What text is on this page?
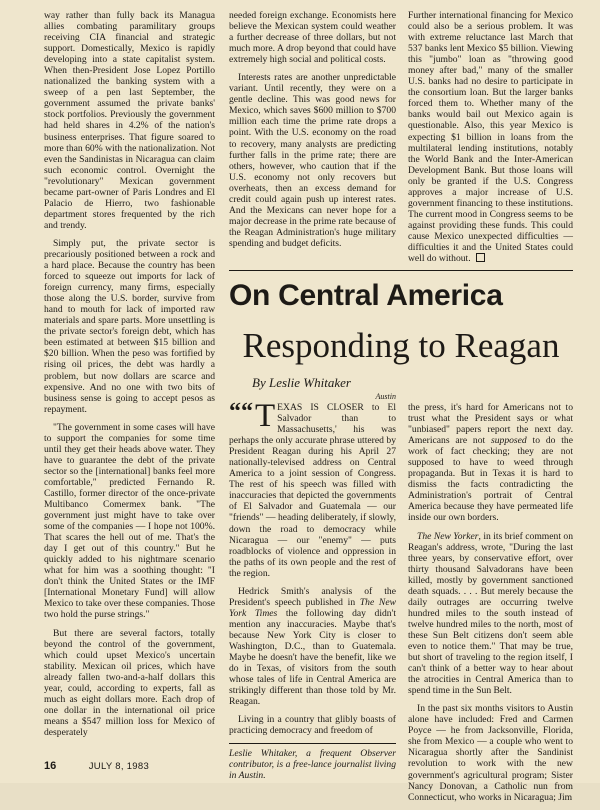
way rather than fully back its Managua allies combating paramilitary groups receiving CIA financial and strategic support. Domestically, Mexico is rapidly developing into a state capitalist system. When then-President Jose Lopez Portillo nationalized the banking system with a sweep of a pen last September, the government assumed the private banks' stock portfolios. Previously the government had held shares in 4.2% of the nation's business enterprises. That figure soared to more than 60% with the nationalization. Not even the Sandinistas in Nicaragua can claim such economic control. Overnight the "revolutionary" Mexican government became part-owner of Paris Londres and El Palacio de Hierro, two fashionable department stores frequented by the rich and trendy.

Simply put, the private sector is precariously positioned between a rock and a hard place. Because the country has been forced to squeeze out imports for lack of foreign currency, many firms, especially those along the U.S. border, survive from hand to mouth for lack of imported raw materials and spare parts. More unsettling is the private sector's foreign debt, which has been estimated at between $15 billion and $20 billion. When the peso was fortified by rising oil prices, the debt was hardly a problem, but now dollars are scarce and expensive. And no one with two bits of business sense is going to accept pesos as repayment.

"The government in some cases will have to support the companies for some time until they get their heads above water. They have to guarantee the debt of the private sector so the [international] banks feel more comfortable," predicted Fernando R. Castillo, former director of the once-private Multibanco Comermex bank. "The government just might have to take over some of the companies — I hope not 100%. That scares the hell out of me. That's the day I get out of this country." But he quickly added to his nightmare scenario what for him was a soothing thought: "I don't think the United States or the IMF [International Monetary Fund] will allow Mexico to take over these companies. Those two hold the purse strings."

But there are several factors, totally beyond the control of the government, which could upset Mexico's uncertain stability. Mexican oil prices, which have already fallen two-and-a-half dollars this year, could, according to experts, fall as much as eight dollars more. Each drop of one dollar in the international oil price means a $547 million loss for Mexico of desperately

needed foreign exchange. Economists here believe the Mexican system could weather a further decrease of three dollars, but not much more. A drop beyond that could have extremely high social and political costs.

Interests rates are another unpredictable variant. Until recently, they were on a gentle decline. This was good news for Mexico, which saves $600 million to $700 million each time the prime rate drops a point. With the U.S. economy on the road to recovery, many analysts are predicting further falls in the prime rate; there are others, however, who caution that if the U.S. economy not only recovers but overheats, then an excess demand for credit could again push up interest rates. And the Mexicans can never hope for a major decrease in the prime rate because of the Reagan Administration's huge military spending and budget deficits.

Further international financing for Mexico could also be a serious problem. It was with extreme reluctance last March that 537 banks lent Mexico $5 billion. Viewing this "jumbo" loan as "throwing good money after bad," many of the smaller U.S. banks had no desire to participate in the consortium loan. But the larger banks forced them to. Whether many of the banks would bail out Mexico again is questionable. Also, this year Mexico is expecting $1 billion in loans from the multilateral lending institutions, notably the World Bank and the Inter-American Development Bank. But those loans will only be granted if the U.S. Congress approves a major increase of U.S. government financing to these institutions. The current mood in Congress seems to be against providing these funds. This could cause Mexico unexpected difficulties — difficulties it and the United States could well do without.

On Central America
Responding to Reagan
By Leslie Whitaker
Austin

““ T EXAS IS CLOSER to El Salvador than to Massachusetts,' his was perhaps the only accurate phrase uttered by President Reagan during his April 27 nationally-televised address on Central America to a joint session of Congress. The rest of his speech was filled with inaccuracies that depicted the governments of El Salvador and Guatemala — our "friends" — heading deliberately, if slowly, down the road to democracy while Nicaragua — our "enemy" — puts roadblocks of violence and oppression in the paths of its own people and the rest of the region.

Hedrick Smith's analysis of the President's speech published in The New York Times the following day didn't mention any inaccuracies. Maybe that's because New York City is closer to Washington, D.C., than to Guatemala. Maybe he doesn't have the benefit, like we do in Texas, of visitors from the south whose tales of life in Central America are strikingly different than those told by Mr. Reagan.

Living in a country that glibly boasts of practicing democracy and freedom of

Leslie Whitaker, a frequent Observer contributor, is a free-lance journalist living in Austin.

the press, it's hard for Americans not to trust what the President says or what "unbiased" papers report the next day. Americans are not supposed to do the work of fact checking; they are not supposed to have to weed through propaganda. But in Texas it is hard to dismiss the facts contradicting the Administration's portrait of Central America because they have permeated life inside our own borders.

The New Yorker, in its brief comment on Reagan's address, wrote, "During the last three years, by conservative effort, over thirty thousand Salvadorans have been killed, mostly by government sanctioned death squads. . . . But merely because the daily outrages are occurring twelve hundred miles to the south instead of twelve hundred miles to the north, most of these Sun Belt citizens don't seem able even to notice them." That may be true, but short of traveling to the region itself, I can't think of a better way to hear about the atrocities in Central America than to spend time in the Sun Belt.

In the past six months visitors to Austin alone have included: Fred and Carmen Poyce — he from Jacksonville, Florida, she from Mexico — a couple who went to Nicaragua shortly after the Sandinist revolution to work with the new government's agricultural program; Sister Nancy Donovan, a Catholic nun from Connecticut, who works in Nicaragua; Jim

16	JULY 8, 1983
